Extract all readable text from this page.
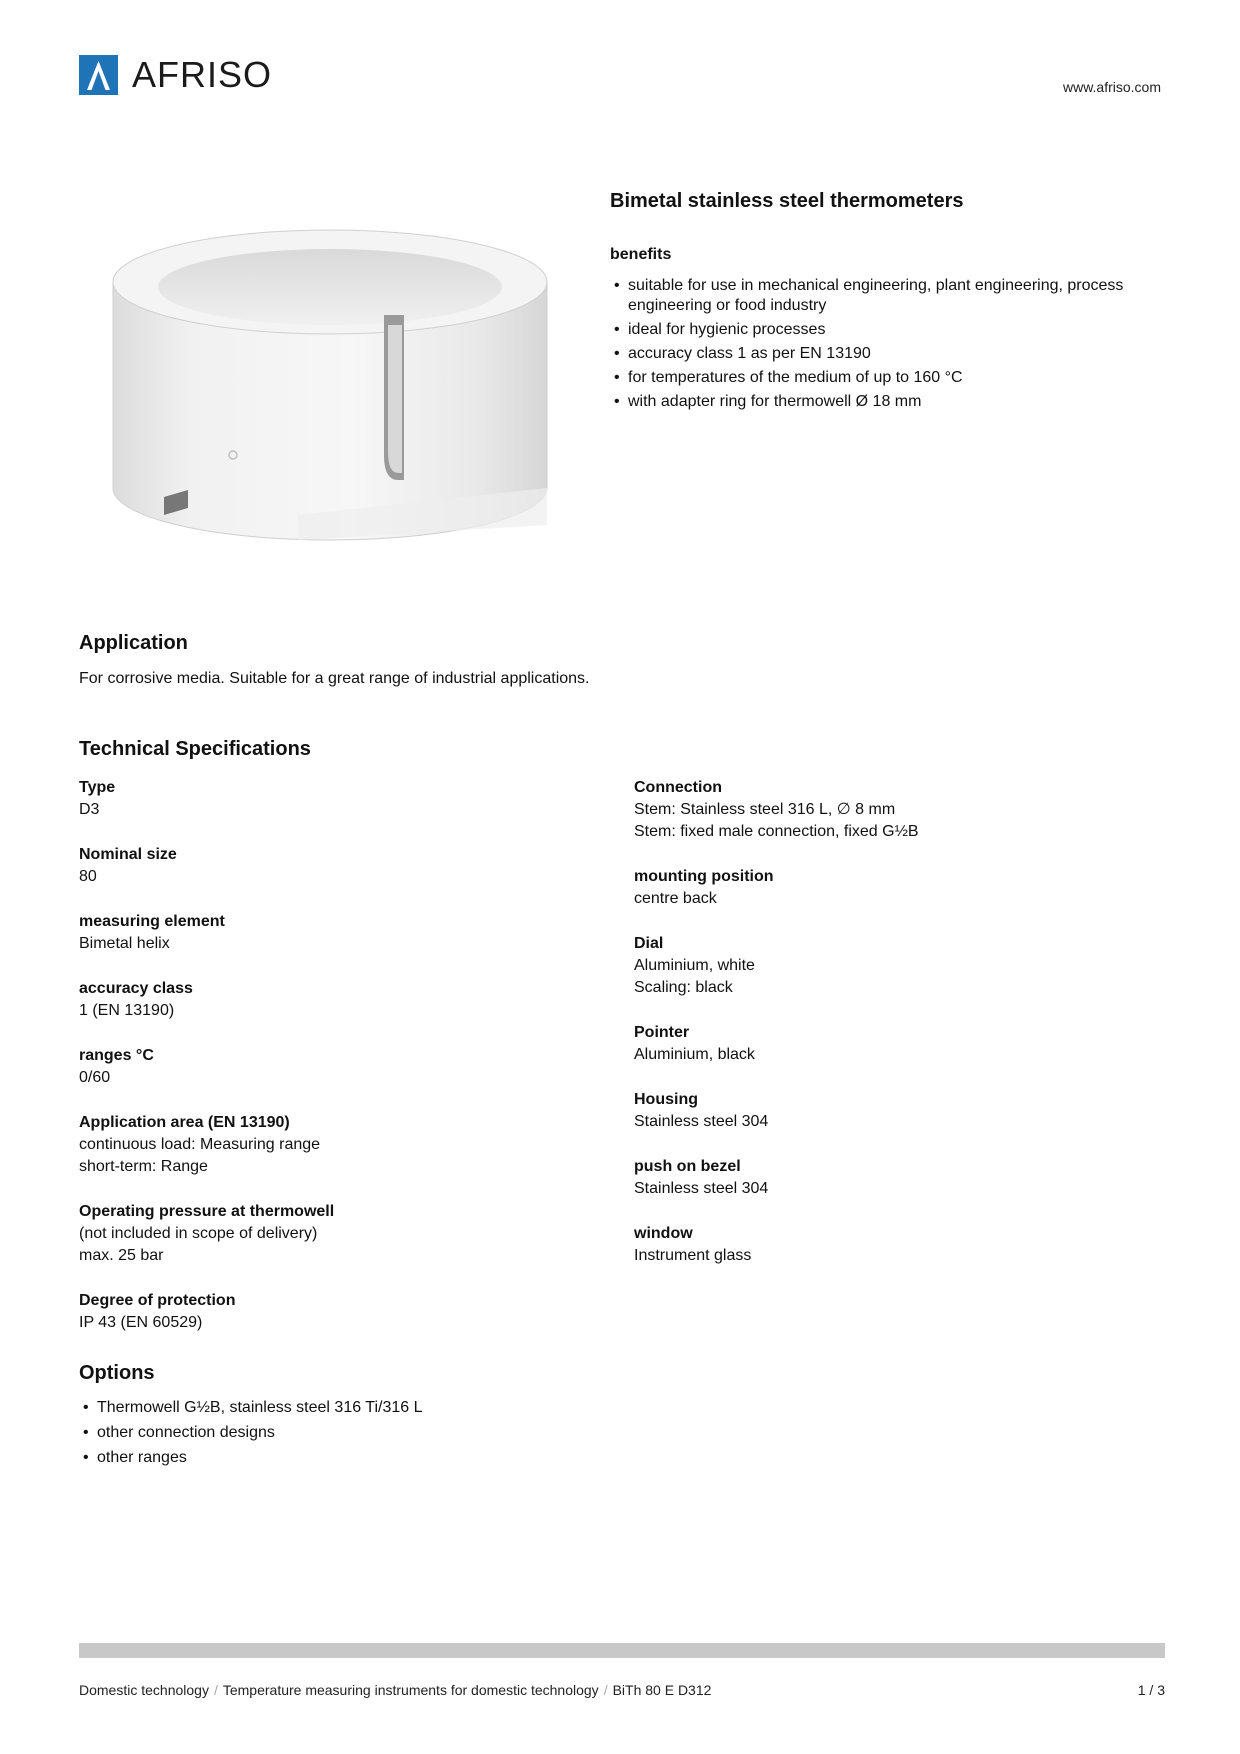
AFRISO	www.afriso.com
Bimetal stainless steel thermometers
benefits
• suitable for use in mechanical engineering, plant engineering, process engineering or food industry
• ideal for hygienic processes
• accuracy class 1 as per EN 13190
• for temperatures of the medium of up to 160 °C
• with adapter ring for thermowell Ø 18 mm
Application
For corrosive media. Suitable for a great range of industrial applications.
Technical Specifications
Type
D3
Nominal size
80
measuring element
Bimetal helix
accuracy class
1 (EN 13190)
ranges °C
0/60
Application area (EN 13190)
continuous load: Measuring range
short-term: Range
Operating pressure at thermowell
(not included in scope of delivery)
max. 25 bar
Degree of protection
IP 43 (EN 60529)
Connection
Stem: Stainless steel 316 L, ∅ 8 mm
Stem: fixed male connection, fixed G½B
mounting position
centre back
Dial
Aluminium, white
Scaling: black
Pointer
Aluminium, black
Housing
Stainless steel 304
push on bezel
Stainless steel 304
window
Instrument glass
Options
• Thermowell G½B, stainless steel 316 Ti/316 L
• other connection designs
• other ranges
Domestic technology / Temperature measuring instruments for domestic technology / BiTh 80 E D312	1 / 3
